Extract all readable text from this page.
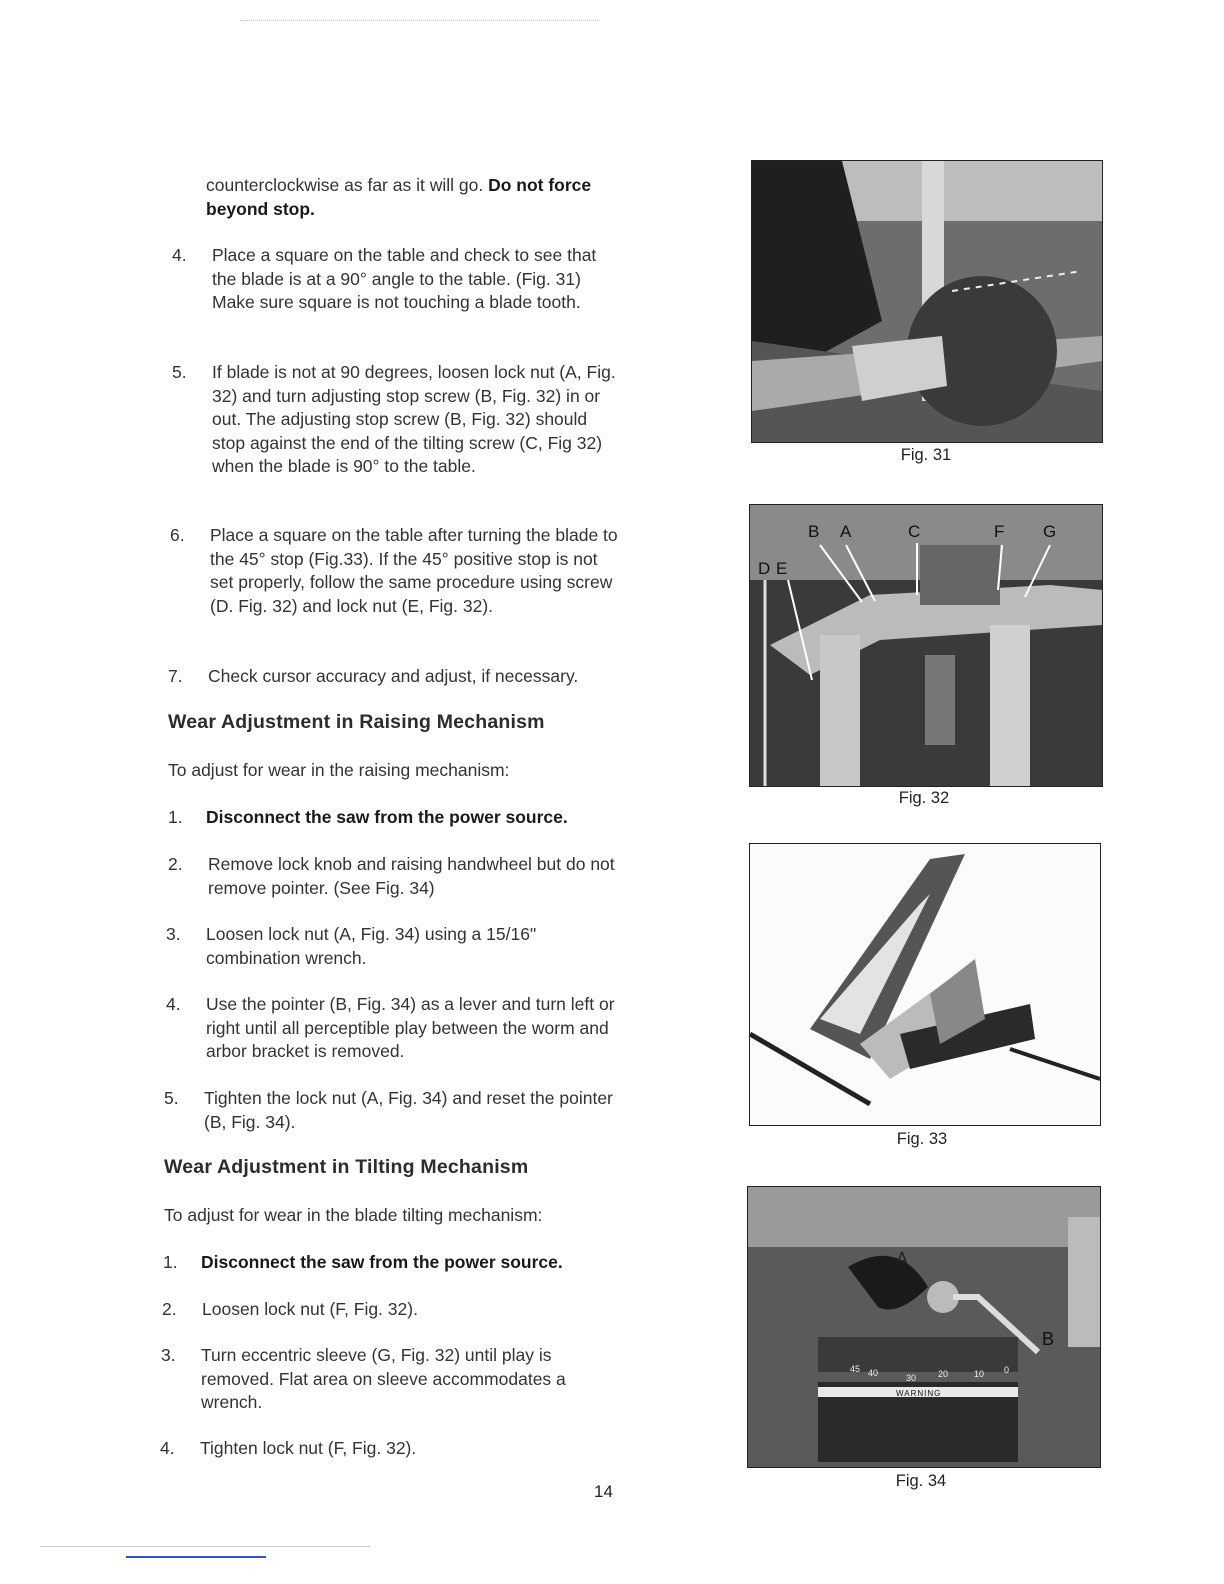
counterclockwise as far as it will go. Do not force beyond stop.
4.	Place a square on the table and check to see that the blade is at a 90° angle to the table. (Fig. 31) Make sure square is not touching a blade tooth.
5.	If blade is not at 90 degrees, loosen lock nut (A, Fig. 32) and turn adjusting stop screw (B, Fig. 32) in or out. The adjusting stop screw (B, Fig. 32) should stop against the end of the tilting screw (C, Fig 32) when the blade is 90° to the table.
6.	Place a square on the table after turning the blade to the 45° stop (Fig.33). If the 45° positive stop is not set properly, follow the same procedure using screw (D. Fig. 32) and lock nut (E, Fig. 32).
7.	Check cursor accuracy and adjust, if necessary.
Wear Adjustment in Raising Mechanism
To adjust for wear in the raising mechanism:
1.	Disconnect the saw from the power source.
2.	Remove lock knob and raising handwheel but do not remove pointer. (See Fig. 34)
3.	Loosen lock nut (A, Fig. 34) using a 15/16" combination wrench.
4.	Use the pointer (B, Fig. 34) as a lever and turn left or right until all perceptible play between the worm and arbor bracket is removed.
5.	Tighten the lock nut (A, Fig. 34) and reset the pointer (B, Fig. 34).
Wear Adjustment in Tilting Mechanism
To adjust for wear in the blade tilting mechanism:
1.	Disconnect the saw from the power source.
2.	Loosen lock nut (F, Fig. 32).
3.	Turn eccentric sleeve (G, Fig. 32) until play is removed. Flat area on sleeve accommodates a wrench.
4.	Tighten lock nut (F, Fig. 32).
Fig. 31
B A	C	F G
D E
Fig. 32
Fig. 33
A
B
45 40	30 20	10 0
WARNING
Fig. 34
14
